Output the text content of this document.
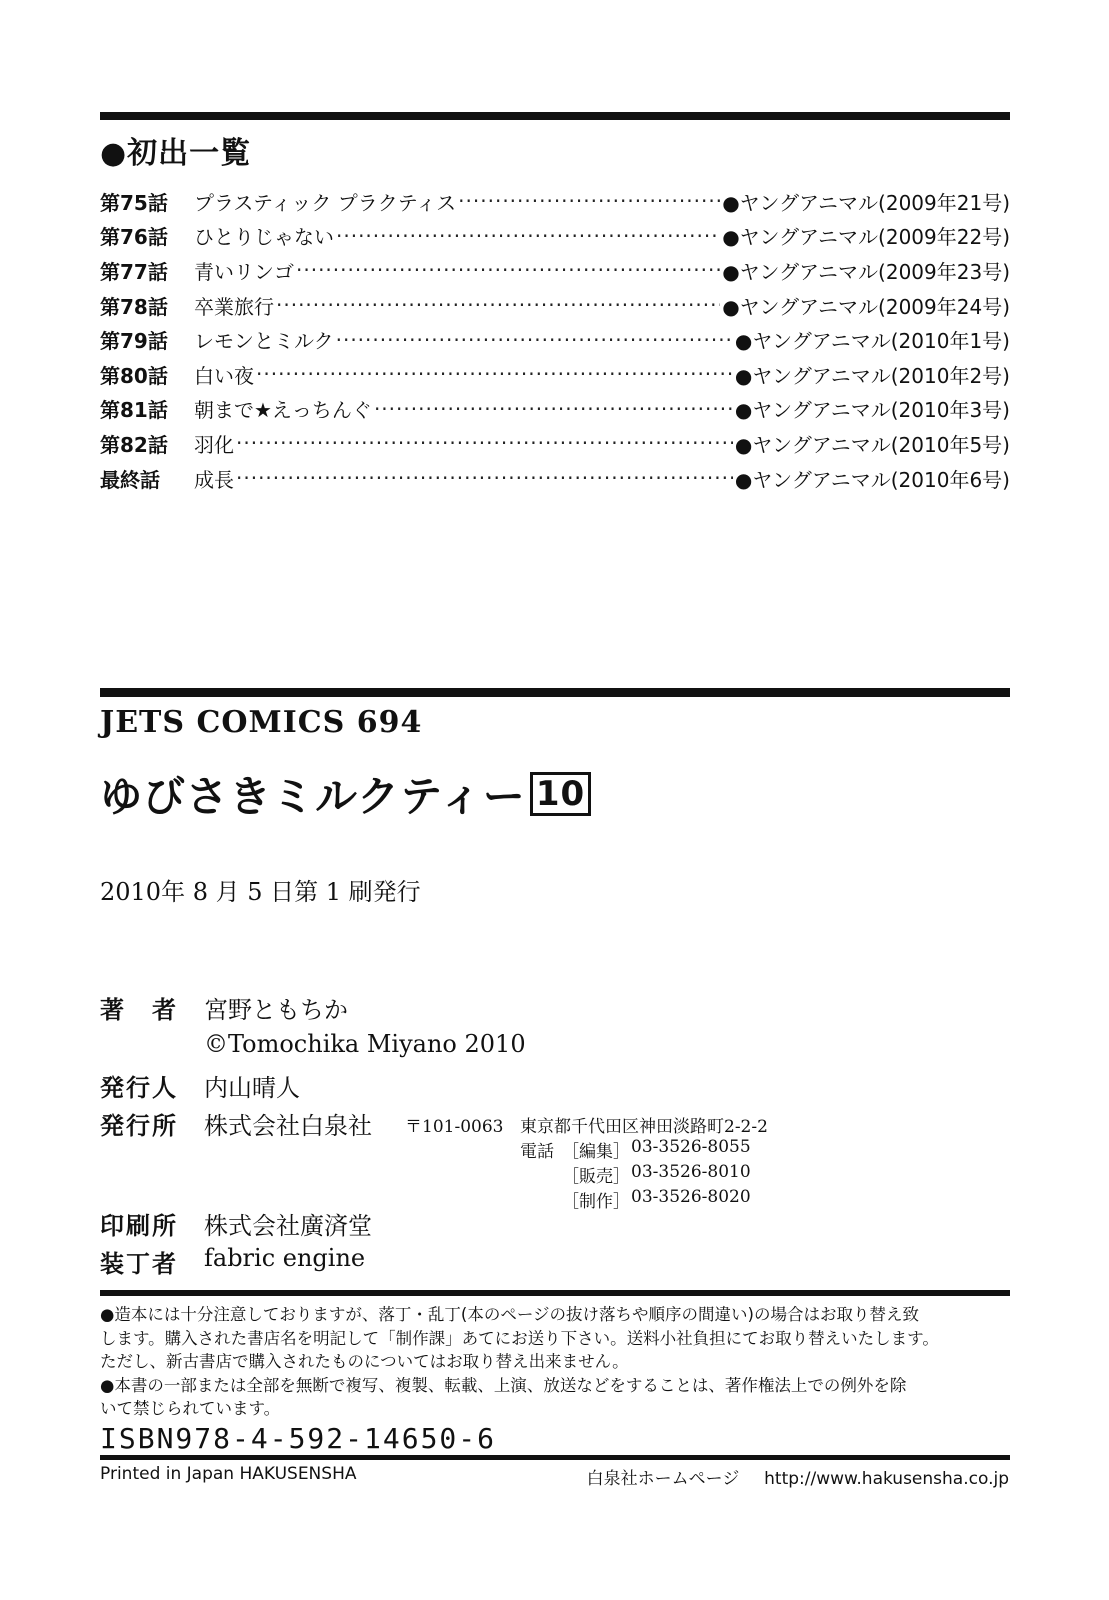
●初出一覧
第75話	プラスティック プラクティス ·····	●ヤングアニマル(2009年21号)
第76話	ひとりじゃない ·····	●ヤングアニマル(2009年22号)
第77話	青いリンゴ ·····	●ヤングアニマル(2009年23号)
第78話	卒業旅行 ·····	●ヤングアニマル(2009年24号)
第79話	レモンとミルク ·····	●ヤングアニマル(2010年1号)
第80話	白い夜 ·····	●ヤングアニマル(2010年2号)
第81話	朝まで★えっちんぐ ·····	●ヤングアニマル(2010年3号)
第82話	羽化 ·····	●ヤングアニマル(2010年5号)
最終話	成長 ·····	●ヤングアニマル(2010年6号)
JETS COMICS 694
ゆびさきミルクティー 10
2010年 8 月 5 日第 1 刷発行
著　者 宮野ともちか
©Tomochika Miyano 2010
発行人 内山晴人
発行所 株式会社白泉社 〒101-0063 東京都千代田区神田淡路町2-2-2
電話 ［編集］ 03-3526-8055
［販売］ 03-3526-8010
［制作］ 03-3526-8020
印刷所 株式会社廣済堂
装丁者 fabric engine

●造本には十分注意しておりますが、落丁・乱丁(本のページの抜け落ちや順序の間違い)の場合はお取り替え致

します。購入された書店名を明記して「制作課」あてにお送り下さい。送料小社負担にてお取り替えいたします。

ただし、新古書店で購入されたものについてはお取り替え出来ません。

●本書の一部または全部を無断で複写、複製、転載、上演、放送などをすることは、著作権法上での例外を除

いて禁じられています。

ISBN978-4-592-14650-6
Printed in Japan HAKUSENSHA	白泉社ホームページ http://www.hakusensha.co.jp
